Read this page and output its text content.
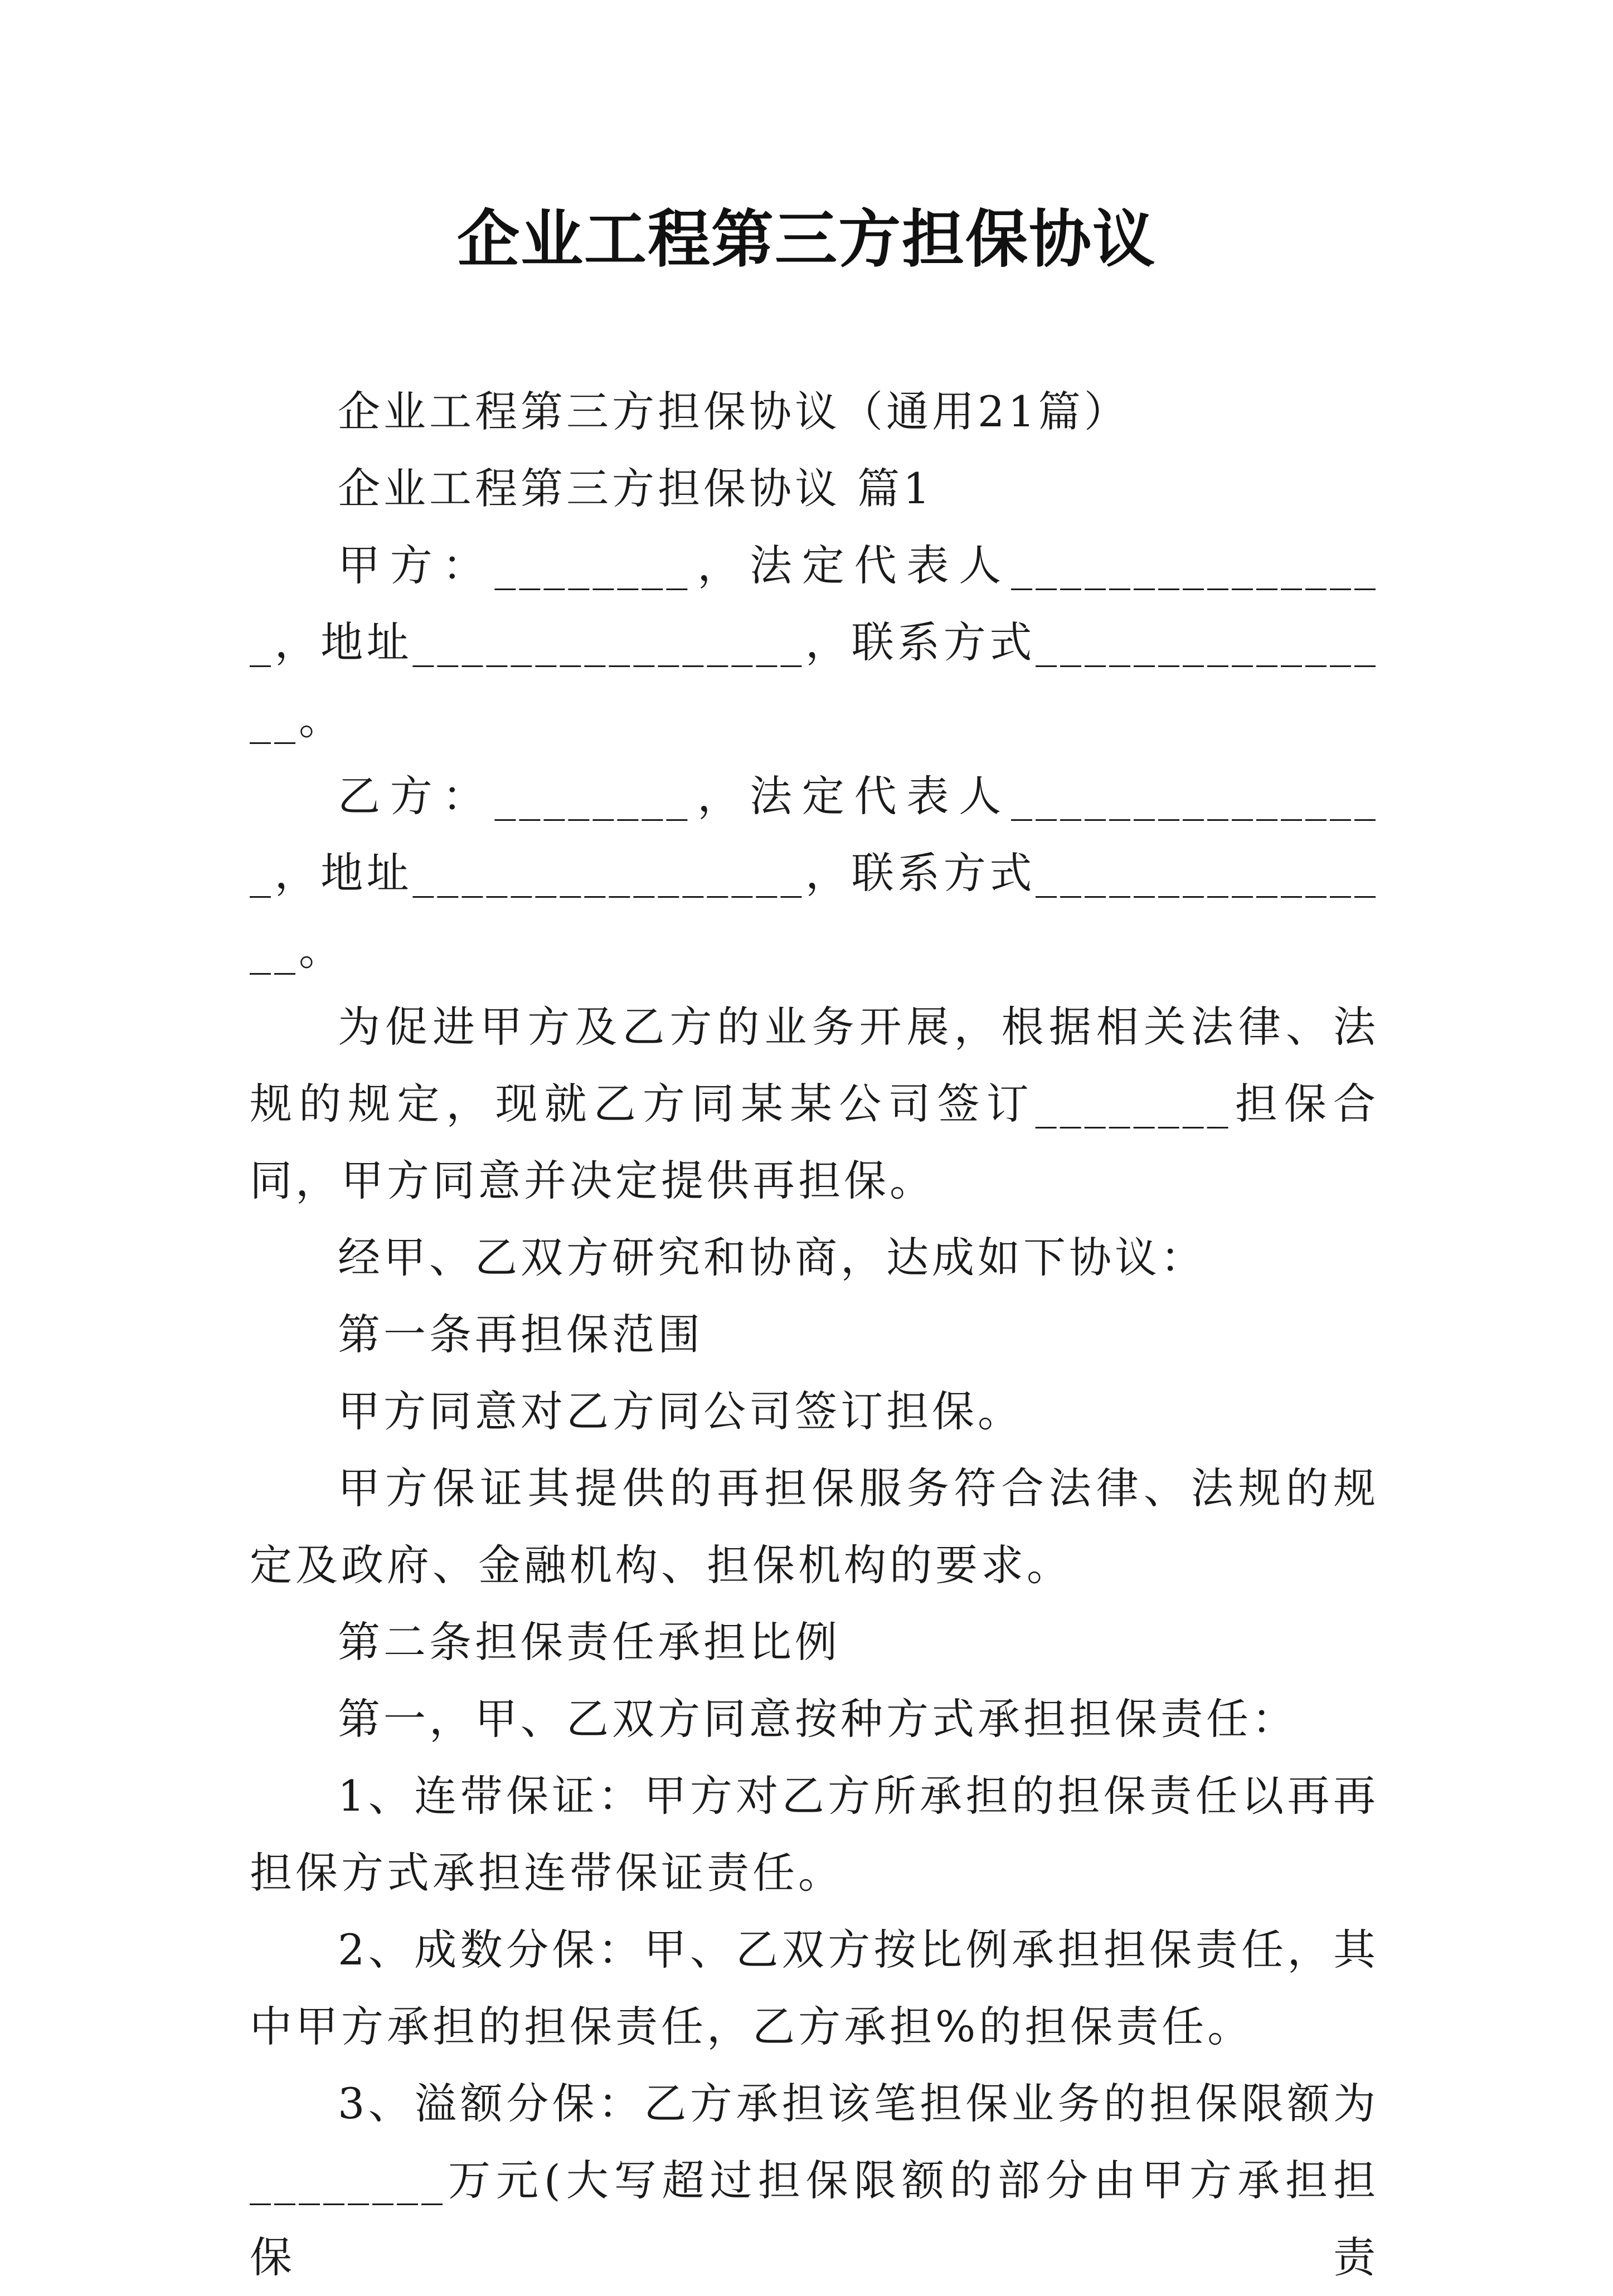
企业工程第三方担保协议

企业工程第三方担保协议（通用21篇）

企业工程第三方担保协议 篇1

甲方：________，法定代表人________________，地址________________，联系方式________________。

乙方：________，法定代表人________________，地址________________，联系方式________________。

为促进甲方及乙方的业务开展，根据相关法律、法规的规定，现就乙方同某某公司签订________担保合同，甲方同意并决定提供再担保。

经甲、乙双方研究和协商，达成如下协议：

第一条再担保范围

甲方同意对乙方同公司签订担保。

甲方保证其提供的再担保服务符合法律、法规的规定及政府、金融机构、担保机构的要求。

第二条担保责任承担比例

第一，甲、乙双方同意按种方式承担担保责任：

1、连带保证：甲方对乙方所承担的担保责任以再再担保方式承担连带保证责任。

2、成数分保：甲、乙双方按比例承担担保责任，其中甲方承担的担保责任，乙方承担%的担保责任。

3、溢额分保：乙方承担该笔担保业务的担保限额为________万元(大写超过担保限额的部分由甲方承担担保责
